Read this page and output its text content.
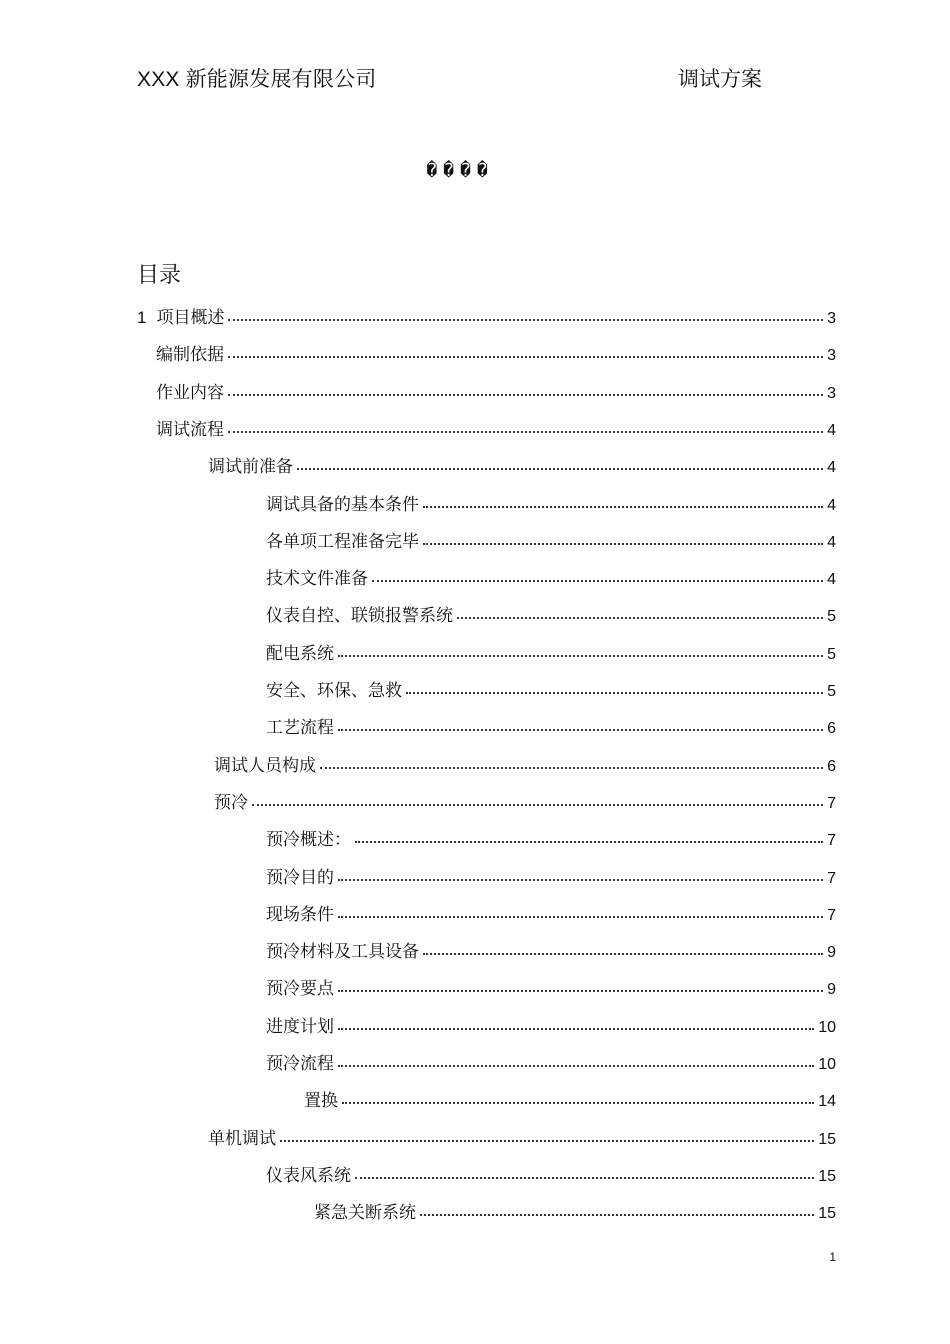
XXX 新能源发展有限公司	调试方案
����
目录
1 项目概述	3
编制依据	3
作业内容	3
调试流程	4
调试前准备	4
调试具备的基本条件	4
各单项工程准备完毕	4
技术文件准备	4
仪表自控、联锁报警系统	5
配电系统	5
安全、环保、急救	5
工艺流程	6
调试人员构成	6
预冷	7
预冷概述：	7
预冷目的	7
现场条件	7
预冷材料及工具设备	9
预冷要点	9
进度计划	10
预冷流程	10
置换	14
单机调试	15
仪表风系统	15
紧急关断系统	15
1
